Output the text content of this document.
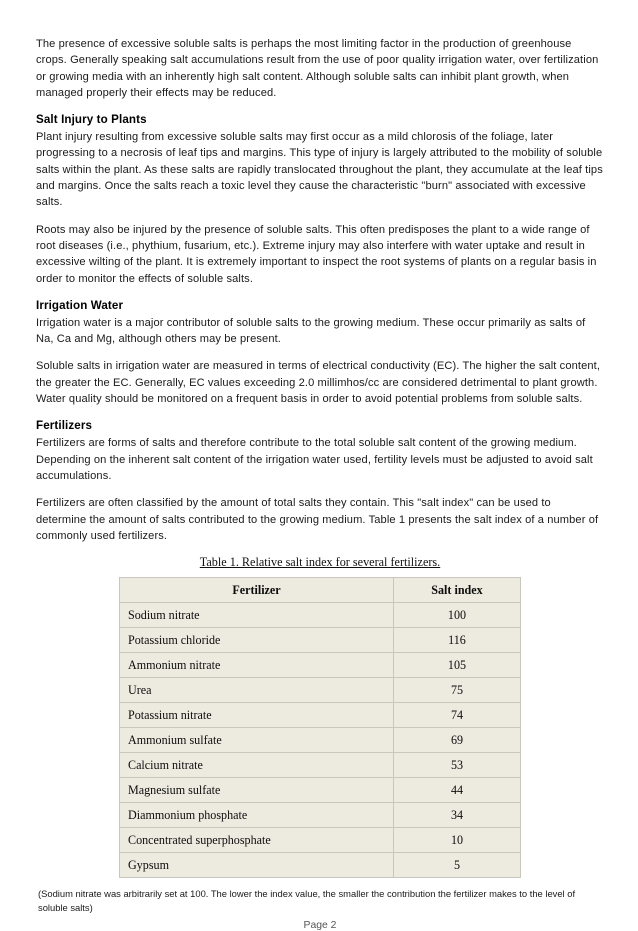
The presence of excessive soluble salts is perhaps the most limiting factor in the production of greenhouse crops. Generally speaking salt accumulations result from the use of poor quality irrigation water, over fertilization or growing media with an inherently high salt content. Although soluble salts can inhibit plant growth, when managed properly their effects may be reduced.

Salt Injury to Plants

Plant injury resulting from excessive soluble salts may first occur as a mild chlorosis of the foliage, later progressing to a necrosis of leaf tips and margins. This type of injury is largely attributed to the mobility of soluble salts within the plant. As these salts are rapidly translocated throughout the plant, they accumulate at the leaf tips and margins. Once the salts reach a toxic level they cause the characteristic "burn" associated with excessive salts.

Roots may also be injured by the presence of soluble salts. This often predisposes the plant to a wide range of root diseases (i.e., phythium, fusarium, etc.). Extreme injury may also interfere with water uptake and result in excessive wilting of the plant. It is extremely important to inspect the root systems of plants on a regular basis in order to monitor the effects of soluble salts.

Irrigation Water

Irrigation water is a major contributor of soluble salts to the growing medium. These occur primarily as salts of Na, Ca and Mg, although others may be present.

Soluble salts in irrigation water are measured in terms of electrical conductivity (EC). The higher the salt content, the greater the EC. Generally, EC values exceeding 2.0 millimhos/cc are considered detrimental to plant growth. Water quality should be monitored on a frequent basis in order to avoid potential problems from soluble salts.

Fertilizers

Fertilizers are forms of salts and therefore contribute to the total soluble salt content of the growing medium. Depending on the inherent salt content of the irrigation water used, fertility levels must be adjusted to avoid salt accumulations.

Fertilizers are often classified by the amount of total salts they contain. This "salt index" can be used to determine the amount of salts contributed to the growing medium. Table 1 presents the salt index of a number of commonly used fertilizers.

Table 1. Relative salt index for several fertilizers.
Fertilizer	Salt index
Sodium nitrate	100
Potassium chloride	116
Ammonium nitrate	105
Urea	75
Potassium nitrate	74
Ammonium sulfate	69
Calcium nitrate	53
Magnesium sulfate	44
Diammonium phosphate	34
Concentrated superphosphate	10
Gypsum	5

(Sodium nitrate was arbitrarily set at 100. The lower the index value, the smaller the contribution the fertilizer makes to the level of soluble salts)

Page 2
